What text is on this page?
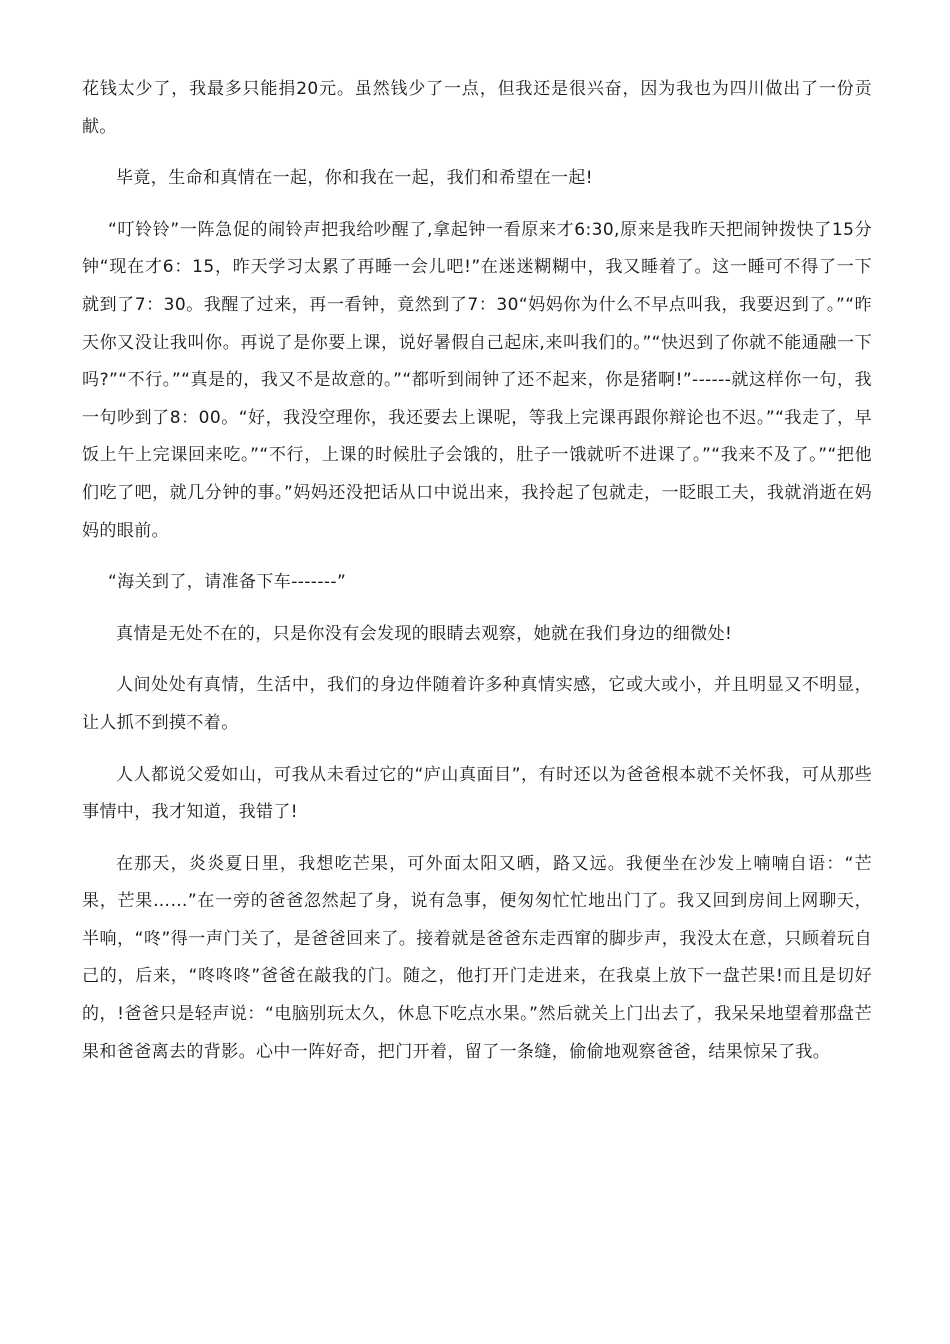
花钱太少了，我最多只能捐20元。虽然钱少了一点，但我还是很兴奋，因为我也为四川做出了一份贡献。

毕竟，生命和真情在一起，你和我在一起，我们和希望在一起!

“叮铃铃”一阵急促的闹铃声把我给吵醒了,拿起钟一看原来才6:30,原来是我昨天把闹钟拨快了15分钟“现在才6：15，昨天学习太累了再睡一会儿吧!”在迷迷糊糊中，我又睡着了。这一睡可不得了一下就到了7：30。我醒了过来，再一看钟，竟然到了7：30“妈妈你为什么不早点叫我，我要迟到了。”“昨天你又没让我叫你。再说了是你要上课，说好暑假自己起床,来叫我们的。”“快迟到了你就不能通融一下吗?”“不行。”“真是的，我又不是故意的。”“都听到闹钟了还不起来，你是猪啊!”------就这样你一句，我一句吵到了8：00。“好，我没空理你，我还要去上课呢，等我上完课再跟你辩论也不迟。”“我走了，早饭上午上完课回来吃。”“不行，上课的时候肚子会饿的，肚子一饿就听不进课了。”“我来不及了。”“把他们吃了吧，就几分钟的事。”妈妈还没把话从口中说出来，我拎起了包就走，一眨眼工夫，我就消逝在妈妈的眼前。

“海关到了，请准备下车-------”

真情是无处不在的，只是你没有会发现的眼睛去观察，她就在我们身边的细微处!

人间处处有真情，生活中，我们的身边伴随着许多种真情实感，它或大或小，并且明显又不明显，让人抓不到摸不着。

人人都说父爱如山，可我从未看过它的“庐山真面目”，有时还以为爸爸根本就不关怀我，可从那些事情中，我才知道，我错了!

在那天，炎炎夏日里，我想吃芒果，可外面太阳又晒，路又远。我便坐在沙发上喃喃自语：“芒果，芒果……”在一旁的爸爸忽然起了身，说有急事，便匆匆忙忙地出门了。我又回到房间上网聊天，半响，“咚”得一声门关了，是爸爸回来了。接着就是爸爸东走西窜的脚步声，我没太在意，只顾着玩自己的，后来，“咚咚咚”爸爸在敲我的门。随之，他打开门走进来，在我桌上放下一盘芒果!而且是切好的，!爸爸只是轻声说：“电脑别玩太久，休息下吃点水果。”然后就关上门出去了，我呆呆地望着那盘芒果和爸爸离去的背影。心中一阵好奇，把门开着，留了一条缝，偷偷地观察爸爸，结果惊呆了我。
